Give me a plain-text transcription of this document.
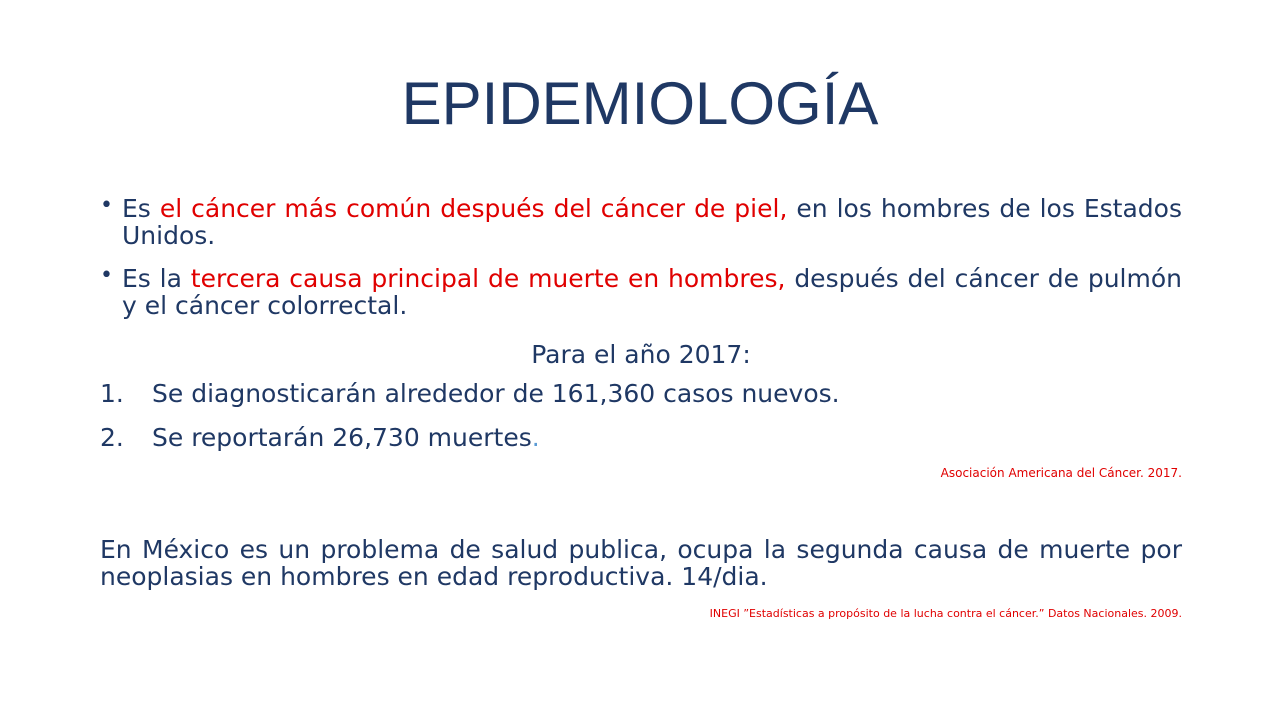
EPIDEMIOLOGÍA
• Es el cáncer más común después del cáncer de piel, en los hombres de los Estados Unidos.
• Es la tercera causa principal de muerte en hombres, después del cáncer de pulmón y el cáncer colorrectal.
Para el año 2017:
1. Se diagnosticarán alrededor de 161,360 casos nuevos.
2. Se reportarán 26,730 muertes.
Asociación Americana del Cáncer. 2017.
En México es un problema de salud publica, ocupa la segunda causa de muerte por neoplasias en hombres en edad reproductiva. 14/dia.
INEGI ”Estadísticas a propósito de la lucha contra el cáncer.” Datos Nacionales. 2009.
